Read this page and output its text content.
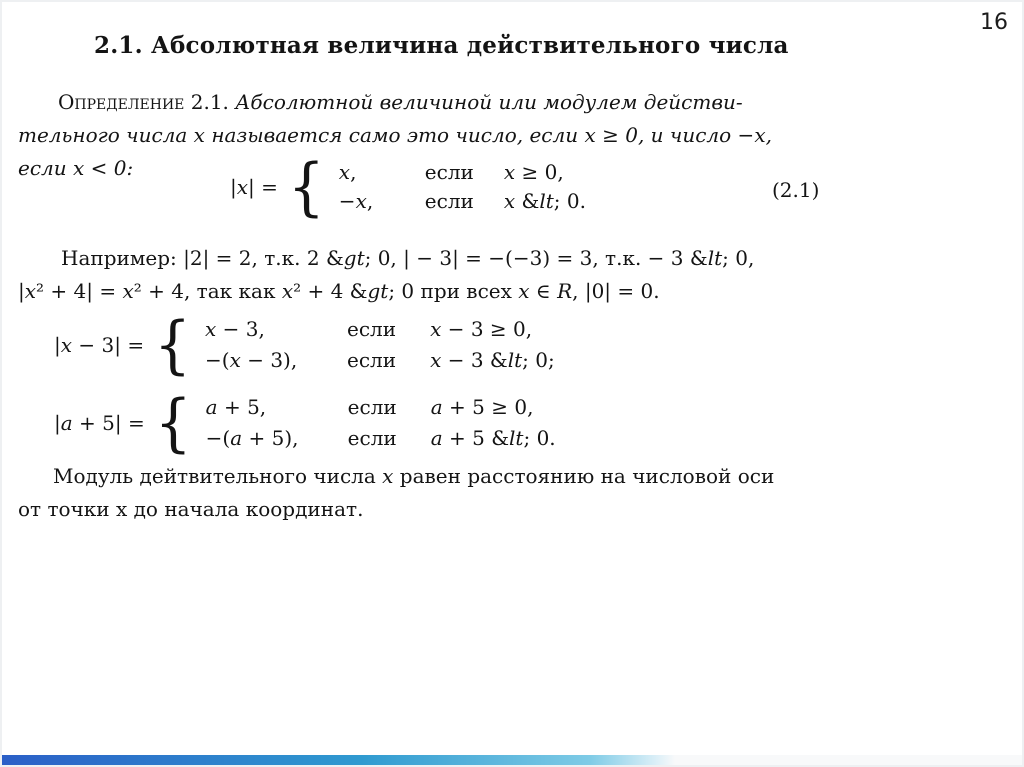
16
2.1. Абсолютная величина действительного числа
Определение 2.1. Абсолютной величиной или модулем действи-
тельного числа x называется само это число, если x ≥ 0, и число −x,
если x < 0:
|x| = { x,	если x ≥ 0,
−x,	если x &lt; 0.	(2.1)
Например: |2| = 2, т.к. 2 &gt; 0, | − 3| = −(−3) = 3, т.к. − 3 &lt; 0,
|x² + 4| = x² + 4, так как x² + 4 &gt; 0 при всех x ∈ R, |0| = 0.
|x − 3| = { x − 3,	если x − 3 ≥ 0,
−(x − 3),	если x − 3 &lt; 0;
|a + 5| = { a + 5,	если a + 5 ≥ 0,
−(a + 5),	если a + 5 &lt; 0.
Модуль дейтвительного числа x равен расстоянию на числовой оси
от точки x до начала координат.
